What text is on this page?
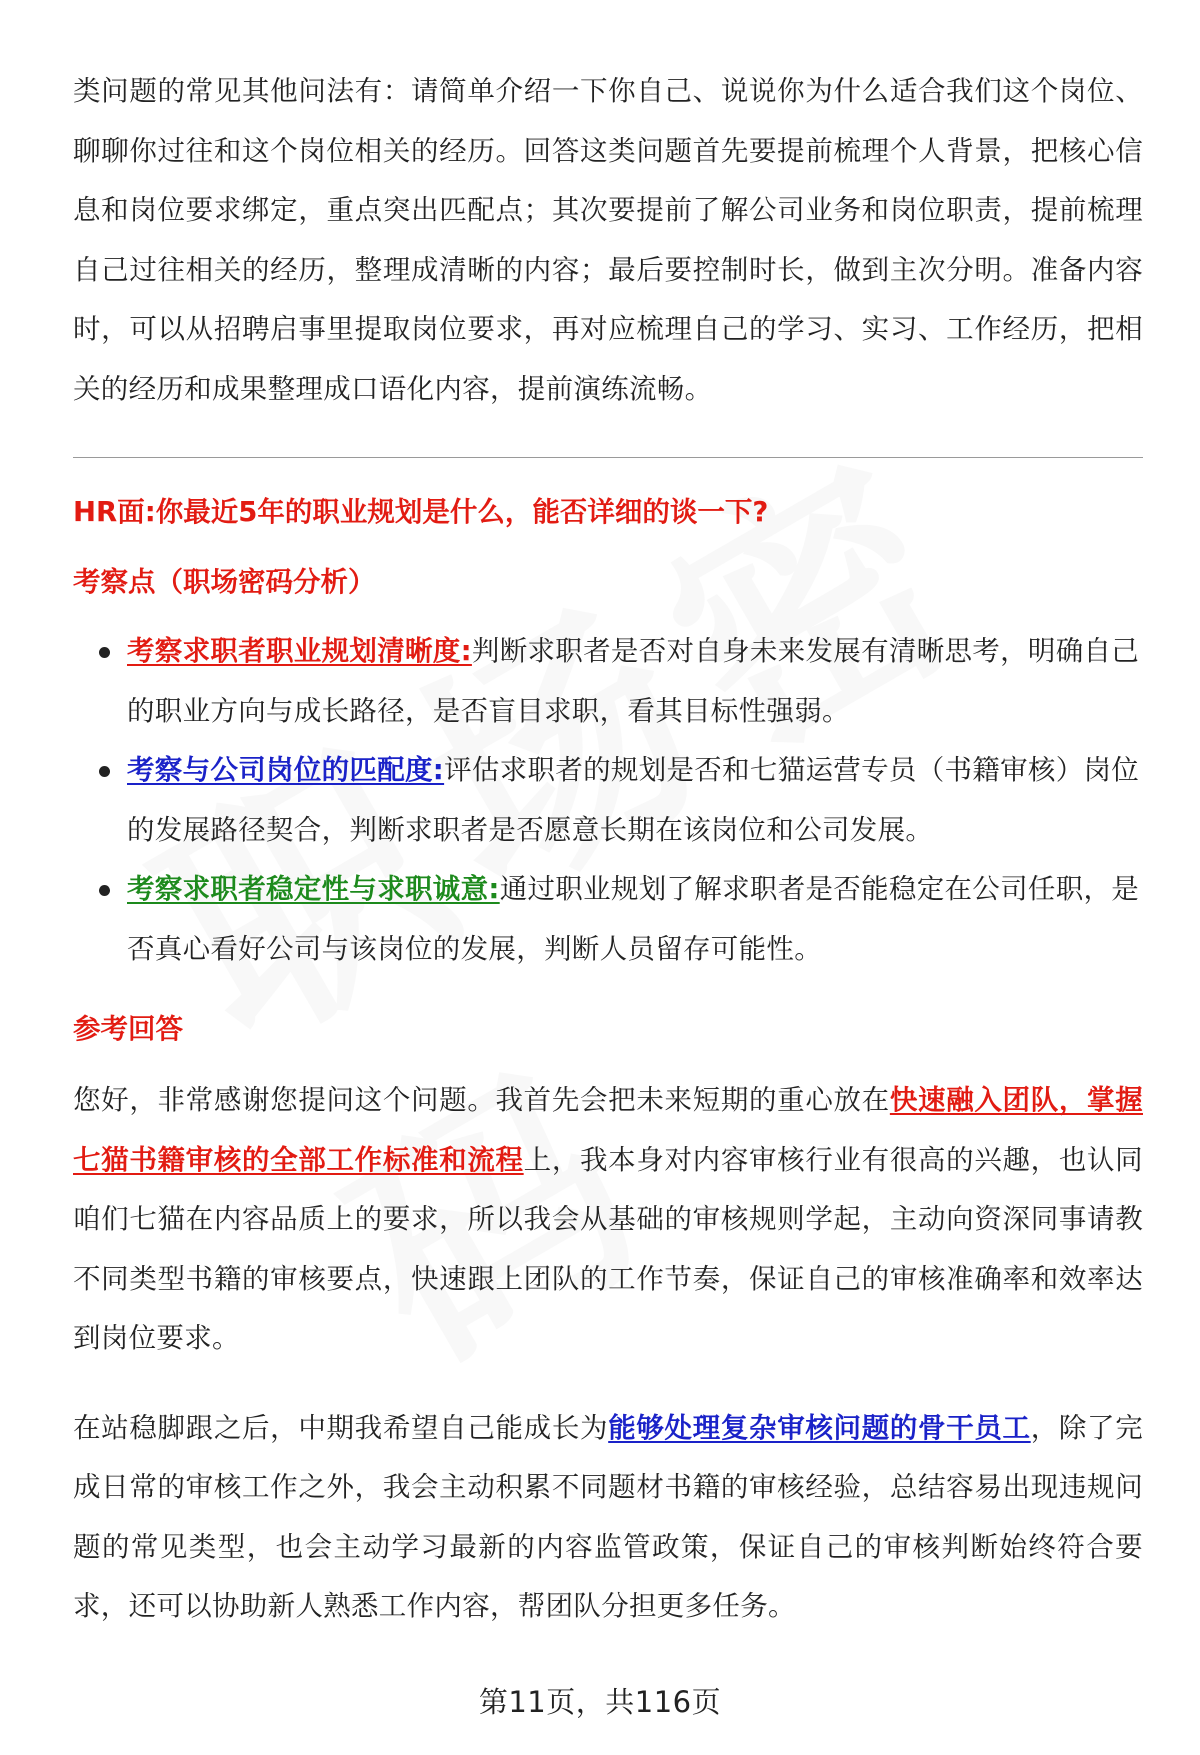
类问题的常见其他问法有：请简单介绍一下你自己、说说你为什么适合我们这个岗位、聊聊你过往和这个岗位相关的经历。回答这类问题首先要提前梳理个人背景，把核心信息和岗位要求绑定，重点突出匹配点；其次要提前了解公司业务和岗位职责，提前梳理自己过往相关的经历，整理成清晰的内容；最后要控制时长，做到主次分明。准备内容时，可以从招聘启事里提取岗位要求，再对应梳理自己的学习、实习、工作经历，把相关的经历和成果整理成口语化内容，提前演练流畅。

HR面:你最近5年的职业规划是什么，能否详细的谈一下?
考察点（职场密码分析）
考察求职者职业规划清晰度:判断求职者是否对自身未来发展有清晰思考，明确自己的职业方向与成长路径，是否盲目求职，看其目标性强弱。
考察与公司岗位的匹配度:评估求职者的规划是否和七猫运营专员（书籍审核）岗位的发展路径契合，判断求职者是否愿意长期在该岗位和公司发展。
考察求职者稳定性与求职诚意:通过职业规划了解求职者是否能稳定在公司任职，是否真心看好公司与该岗位的发展，判断人员留存可能性。
参考回答

您好，非常感谢您提问这个问题。我首先会把未来短期的重心放在快速融入团队，掌握七猫书籍审核的全部工作标准和流程上，我本身对内容审核行业有很高的兴趣，也认同咱们七猫在内容品质上的要求，所以我会从基础的审核规则学起，主动向资深同事请教不同类型书籍的审核要点，快速跟上团队的工作节奏，保证自己的审核准确率和效率达到岗位要求。

在站稳脚跟之后，中期我希望自己能成长为能够处理复杂审核问题的骨干员工，除了完成日常的审核工作之外，我会主动积累不同题材书籍的审核经验，总结容易出现违规问题的常见类型，也会主动学习最新的内容监管政策，保证自己的审核判断始终符合要求，还可以协助新人熟悉工作内容，帮团队分担更多任务。

第11页，共116页
